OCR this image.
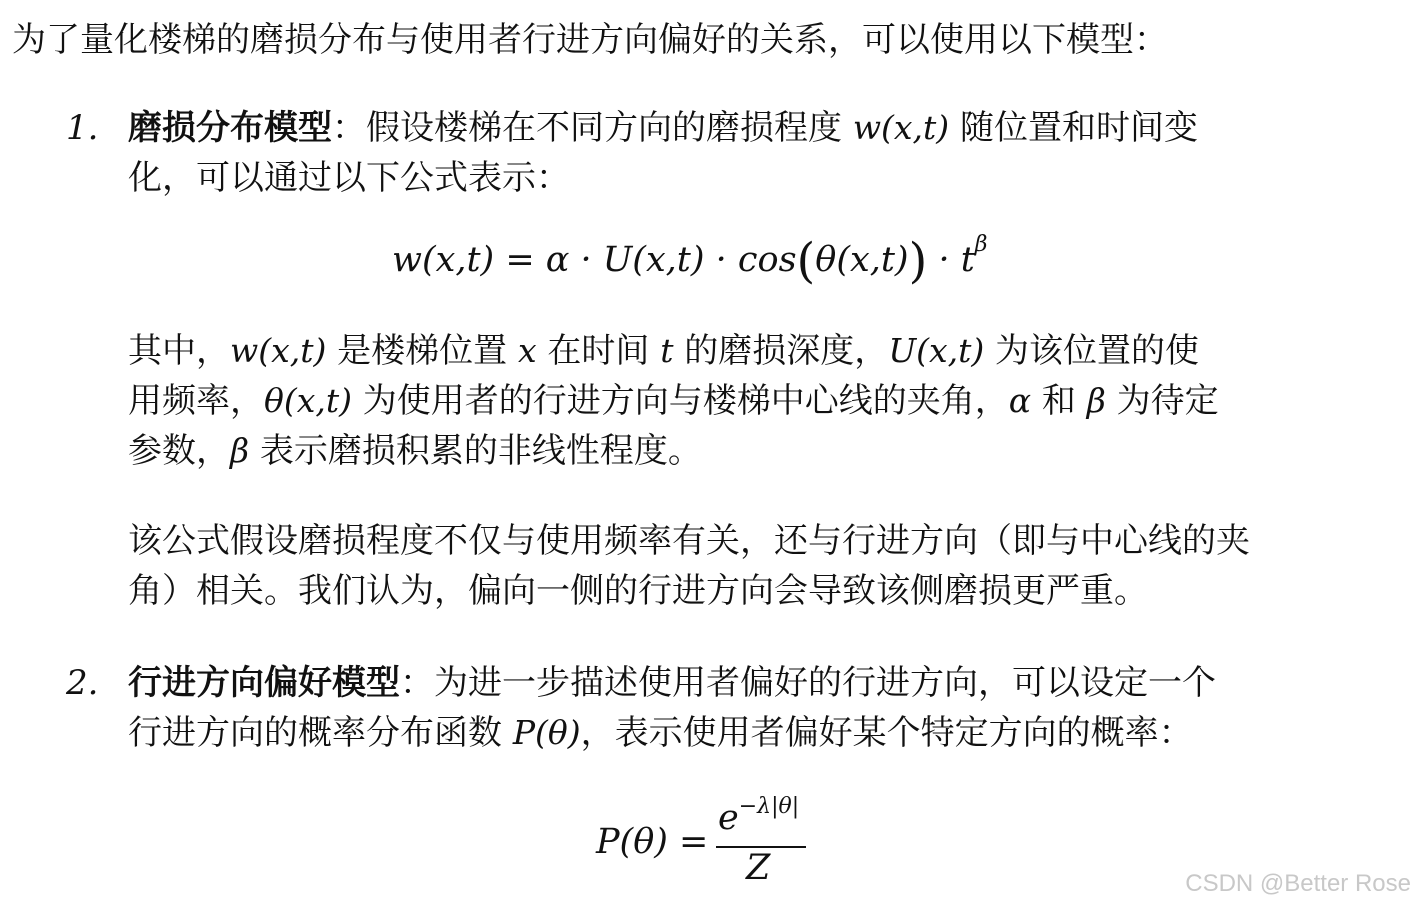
为了量化楼梯的磨损分布与使用者行进方向偏好的关系，可以使用以下模型：
1. 磨损分布模型：假设楼梯在不同方向的磨损程度 w(x,t) 随位置和时间变
化，可以通过以下公式表示：
$w(x,t) = \alpha \cdot U(x,t) \cdot \cos(\theta(x,t)) \cdot t^\beta$
其中，w(x,t) 是楼梯位置 x 在时间 t 的磨损深度，U(x,t) 为该位置的使
用频率，θ(x,t) 为使用者的行进方向与楼梯中心线的夹角，α 和 β 为待定
参数，β 表示磨损积累的非线性程度。
该公式假设磨损程度不仅与使用频率有关，还与行进方向（即与中心线的夹
角）相关。我们认为，偏向一侧的行进方向会导致该侧磨损更严重。
2. 行进方向偏好模型：为进一步描述使用者偏好的行进方向，可以设定一个
行进方向的概率分布函数 P(θ)，表示使用者偏好某个特定方向的概率：
P(θ) =
$e^{-\lambda|\theta|}$
Z	CSDN @Better Rose
